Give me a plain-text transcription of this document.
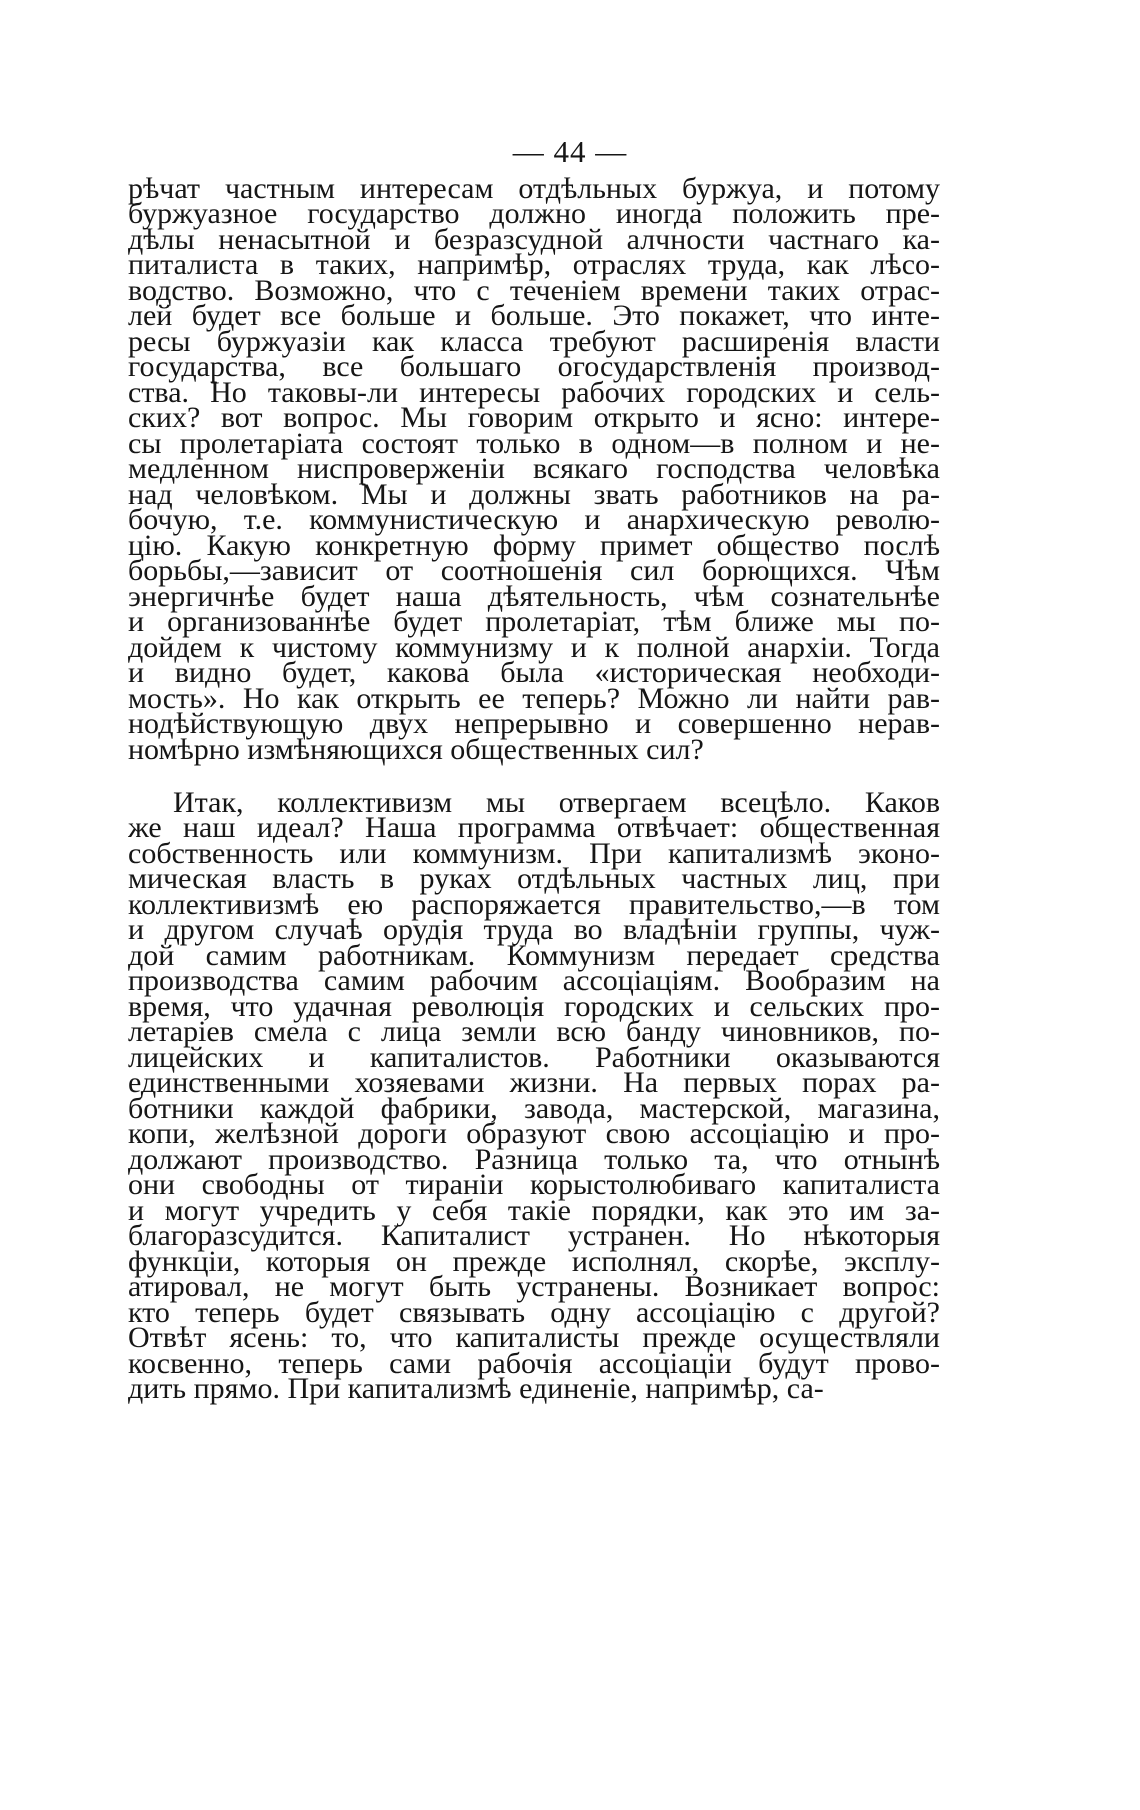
— 44 —
рѣчат частным интересам отдѣльных буржуа, и потому
буржуазное государство должно иногда положить пре-
дѣлы ненасытной и безразсудной алчности частнаго ка-
питалиста в таких, напримѣр, отраслях труда, как лѣсо-
водство. Возможно, что с теченіем времени таких отрас-
лей будет все больше и больше. Это покажет, что инте-
ресы буржуазіи как класса требуют расширенія власти
государства, все большаго огосударствленія производ-
ства. Но таковы-ли интересы рабочих городских и сель-
ских? вот вопрос. Мы говорим открыто и ясно: интере-
сы пролетаріата состоят только в одном—в полном и не-
медленном ниспроверженіи всякаго господства человѣка
над человѣком. Мы и должны звать работников на ра-
бочую, т.е. коммунистическую и анархическую револю-
цію. Какую конкретную форму примет общество послѣ
борьбы,—зависит от соотношенія сил борющихся. Чѣм
энергичнѣе будет наша дѣятельность, чѣм сознательнѣе
и организованнѣе будет пролетаріат, тѣм ближе мы по-
дойдем к чистому коммунизму и к полной анархіи. Тогда
и видно будет, какова была «историческая необходи-
мость». Но как открыть ее теперь? Можно ли найти рав-
нодѣйствующую двух непрерывно и совершенно нерав-
номѣрно измѣняющихся общественных сил?
Итак, коллективизм мы отвергаем всецѣло. Каков
же наш идеал? Наша программа отвѣчает: общественная
собственность или коммунизм. При капитализмѣ эконо-
мическая власть в руках отдѣльных частных лиц, при
коллективизмѣ ею распоряжается правительство,—в том
и другом случаѣ орудія труда во владѣніи группы, чуж-
дой самим работникам. Коммунизм передает средства
производства самим рабочим ассоціаціям. Вообразим на
время, что удачная революція городских и сельских про-
летаріев смела с лица земли всю банду чиновников, по-
лицейских и капиталистов. Работники оказываются
единственными хозяевами жизни. На первых порах ра-
ботники каждой фабрики, завода, мастерской, магазина,
копи, желѣзной дороги образуют свою ассоціацію и про-
должают производство. Разница только та, что отнынѣ
они свободны от тираніи корыстолюбиваго капиталиста
и могут учредить у себя такіе порядки, как это им за-
благоразсудится. Капиталист устранен. Но нѣкоторыя
функціи, которыя он прежде исполнял, скорѣе, эксплу-
атировал, не могут быть устранены. Возникает вопрос:
кто теперь будет связывать одну ассоціацію с другой?
Отвѣт ясень: то, что капиталисты прежде осуществляли
косвенно, теперь сами рабочія ассоціаціи будут прово-
дить прямо. При капитализмѣ единеніе, напримѣр, са-
